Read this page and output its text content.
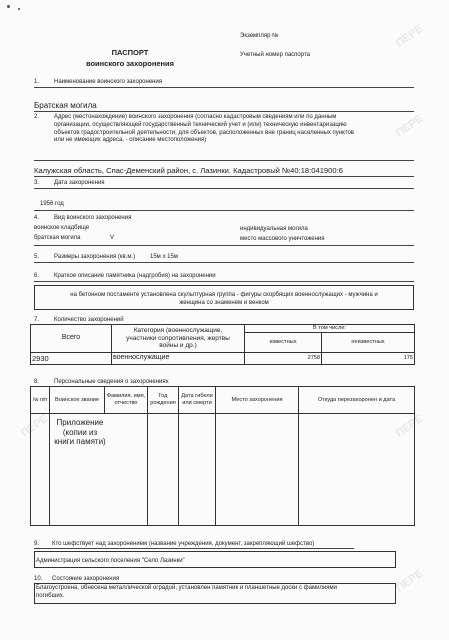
ПЕРЕ
ПЕРЕ
ПЕРЕ	ПЕРЕ
ПЕРЕ
Экземпляр №
ПАСПОРТ
воинского захоронения
Учетный номер паспорта
1. Наименование воинского захоронения
Братская могила
2. Адрес (местонахождение) воинского захоронения (согласно кадастровым сведениям или по данным
организации, осуществляющей государственный технический учет и (или) техническую инвентаризацию
объектов градостроительной деятельности; для объектов, расположенных вне границ населенных пунктов
или не имеющих адреса, - описание местоположения)
Калужская область, Спас-Деменский район, с. Лазинки. Кадастровый №40:18:041900:6
3. Дата захоронения
1956 год
4. Вид воинского захоронения
воинское кладбище
братская могила	V
индивидуальная могила
место массового уничтожения
5. Размеры захоронения (кв.м.) 15м х 15м
6. Краткое описание памятника (надгробия) на захоронении
на бетонном постаменте установлена скульптурная группа - фигуры скорбящих военнослужащих - мужчина и
женщина со знаменем и венком
7. Количество захоронений
Всего	Категория (военнослужащие,
участники сопротивления, жертвы
войны и др.)	В том числе:	
		известных	неизвестных
2930	военнослужащие	2758	175
8. Персональные сведения о захоронениях
№ п/п	Воинское звание	Фамилия, имя, отчество	Год рождения	Дата гибели или смерти	Место захоронения	Откуда перезахоронен и дата

	Приложение
(копии из
книги памяти)					

9. Кто шефствует над захоронением (название учреждения, документ, закрепляющий шефство)
Администрация сельского поселения "Село Лазинки"
10. Состояние захоронения
Благоустроена, обнесена металлической оградой, установлен памятник и планшетные доски с фамилиями
погибших.
